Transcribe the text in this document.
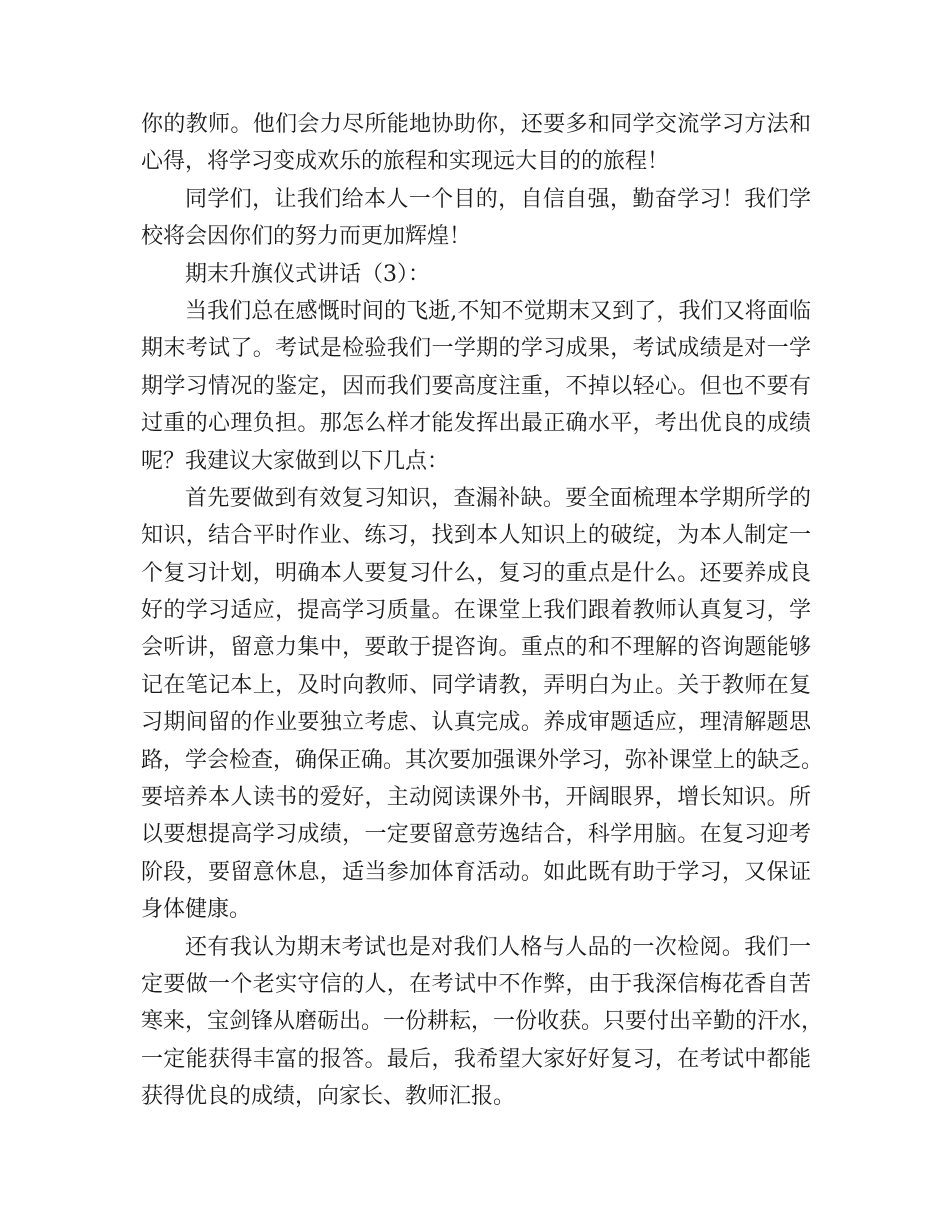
你的教师。他们会力尽所能地协助你，还要多和同学交流学习方法和
心得，将学习变成欢乐的旅程和实现远大目的的旅程！
同学们，让我们给本人一个目的，自信自强，勤奋学习！我们学
校将会因你们的努力而更加辉煌！
期末升旗仪式讲话（3）：
当我们总在感慨时间的飞逝,不知不觉期末又到了，我们又将面临
期末考试了。考试是检验我们一学期的学习成果，考试成绩是对一学
期学习情况的鉴定，因而我们要高度注重，不掉以轻心。但也不要有
过重的心理负担。那怎么样才能发挥出最正确水平，考出优良的成绩
呢？我建议大家做到以下几点：
首先要做到有效复习知识，查漏补缺。要全面梳理本学期所学的
知识，结合平时作业、练习，找到本人知识上的破绽，为本人制定一
个复习计划，明确本人要复习什么，复习的重点是什么。还要养成良
好的学习适应，提高学习质量。在课堂上我们跟着教师认真复习，学
会听讲，留意力集中，要敢于提咨询。重点的和不理解的咨询题能够
记在笔记本上，及时向教师、同学请教，弄明白为止。关于教师在复
习期间留的作业要独立考虑、认真完成。养成审题适应，理清解题思
路，学会检查，确保正确。其次要加强课外学习，弥补课堂上的缺乏。
要培养本人读书的爱好，主动阅读课外书，开阔眼界，增长知识。所
以要想提高学习成绩，一定要留意劳逸结合，科学用脑。在复习迎考
阶段，要留意休息，适当参加体育活动。如此既有助于学习，又保证
身体健康。
还有我认为期末考试也是对我们人格与人品的一次检阅。我们一
定要做一个老实守信的人，在考试中不作弊，由于我深信梅花香自苦
寒来，宝剑锋从磨砺出。一份耕耘，一份收获。只要付出辛勤的汗水，
一定能获得丰富的报答。最后，我希望大家好好复习，在考试中都能
获得优良的成绩，向家长、教师汇报。
